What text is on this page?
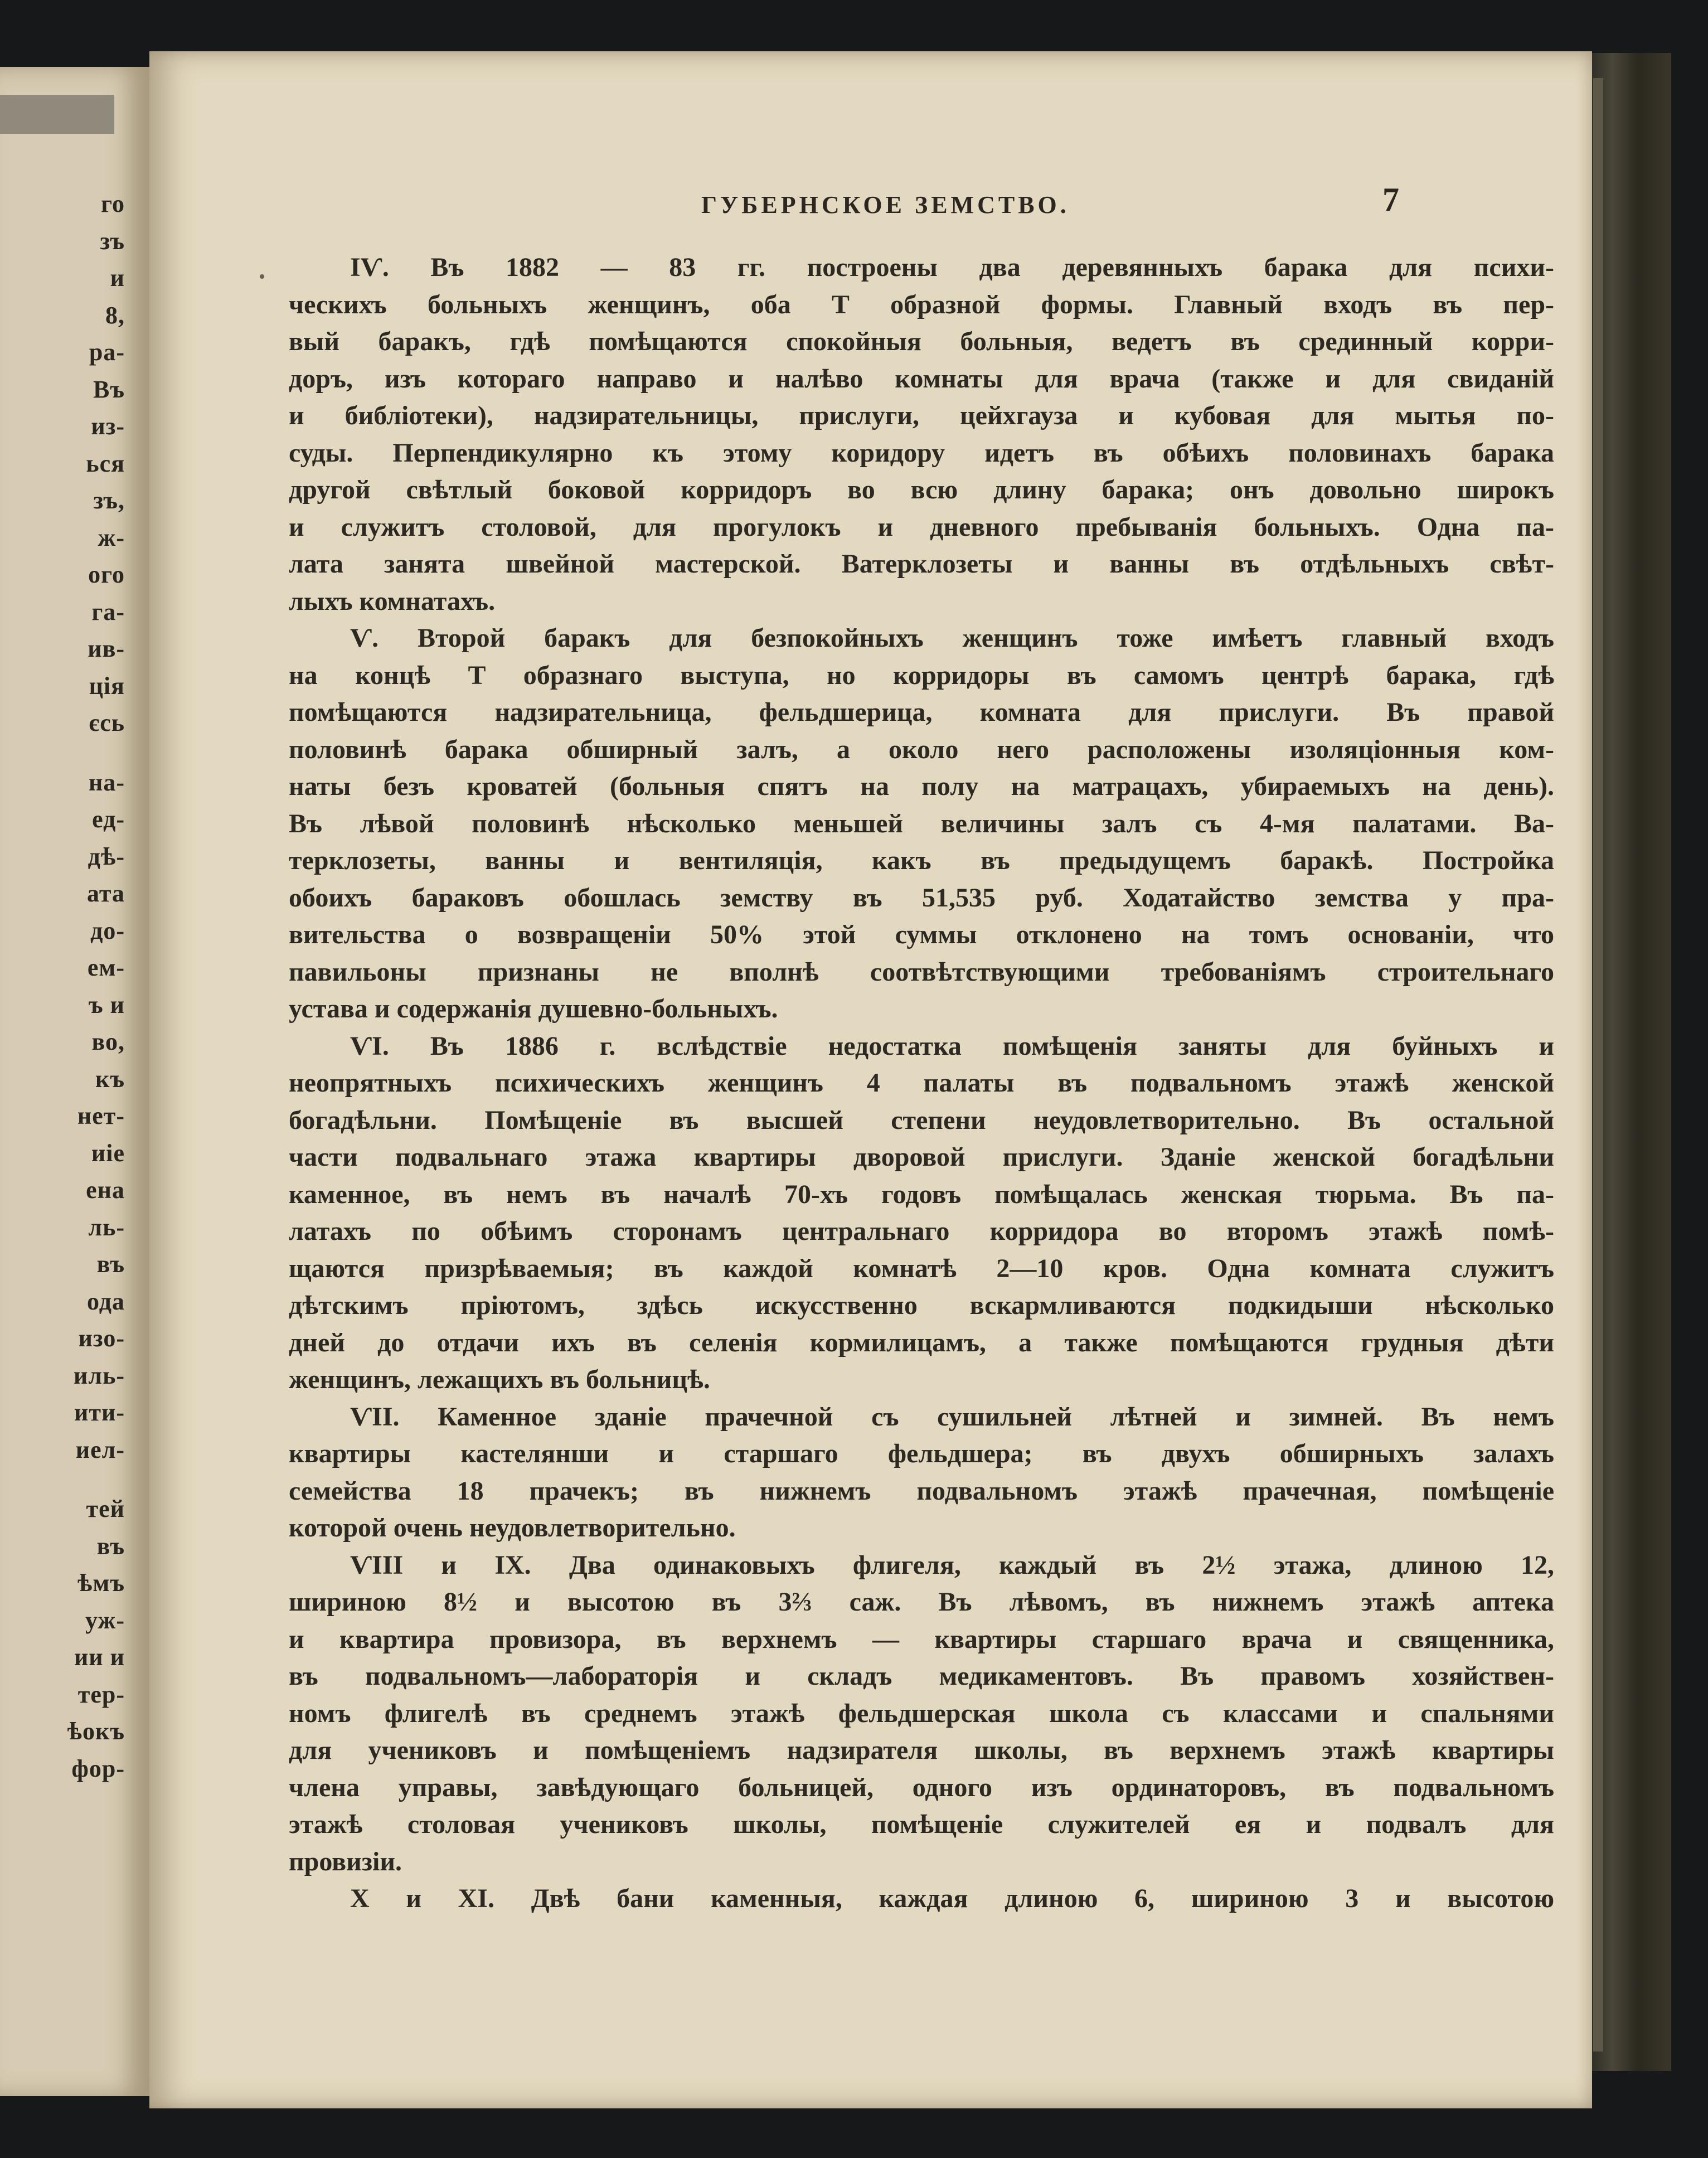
го
зъ
и
8,
ра-
Въ
из-
ься
зъ,
ж-
ого
га-
ив-
ція
єсь
на-
ед-
дѣ-
ата
до-
ем-
ъ и
во,
къ
нет-
иіе
ена
ль-
въ
ода
изо-
иль-
ити-
иел-
тей
въ
ѣмъ
уж-
ии и
тер-
ѣокъ
фор-
ГУБЕРНСКОЕ ЗЕМСТВО.	7
IѴ. Въ 1882 — 83 гг. построены два деревянныхъ барака для психи-
ческихъ больныхъ женщинъ, оба Т образной формы. Главный входъ въ пер-
вый баракъ, гдѣ помѣщаются спокойныя больныя, ведетъ въ срединный корри-
доръ, изъ котораго направо и налѣво комнаты для врача (также и для свиданій
и библіотеки), надзирательницы, прислуги, цейхгауза и кубовая для мытья по-
суды. Перпендикулярно къ этому коридору идетъ въ обѣихъ половинахъ барака
другой свѣтлый боковой корридоръ во всю длину барака; онъ довольно широкъ
и служитъ столовой, для прогулокъ и дневного пребыванія больныхъ. Одна па-
лата занята швейной мастерской. Ватерклозеты и ванны въ отдѣльныхъ свѣт-
лыхъ комнатахъ.
Ѵ. Второй баракъ для безпокойныхъ женщинъ тоже имѣетъ главный входъ
на концѣ Т образнаго выступа, но корридоры въ самомъ центрѣ барака, гдѣ
помѣщаются надзирательница, фельдшерица, комната для прислуги. Въ правой
половинѣ барака обширный залъ, а около него расположены изоляціонныя ком-
наты безъ кроватей (больныя спятъ на полу на матрацахъ, убираемыхъ на день).
Въ лѣвой половинѣ нѣсколько меньшей величины залъ съ 4-мя палатами. Ва-
терклозеты, ванны и вентиляція, какъ въ предыдущемъ баракѣ. Постройка
обоихъ бараковъ обошлась земству въ 51,535 руб. Ходатайство земства у пра-
вительства о возвращеніи 50% этой суммы отклонено на томъ основаніи, что
павильоны признаны не вполнѣ соотвѣтствующими требованіямъ строительнаго
устава и содержанія душевно-больныхъ.
ѴI. Въ 1886 г. вслѣдствіе недостатка помѣщенія заняты для буйныхъ и
неопрятныхъ психическихъ женщинъ 4 палаты въ подвальномъ этажѣ женской
богадѣльни. Помѣщеніе въ высшей степени неудовлетворительно. Въ остальной
части подвальнаго этажа квартиры дворовой прислуги. Зданіе женской богадѣльни
каменное, въ немъ въ началѣ 70-хъ годовъ помѣщалась женская тюрьма. Въ па-
латахъ по обѣимъ сторонамъ центральнаго корридора во второмъ этажѣ помѣ-
щаются призрѣваемыя; въ каждой комнатѣ 2—10 кров. Одна комната служитъ
дѣтскимъ пріютомъ, здѣсь искусственно вскармливаются подкидыши нѣсколько
дней до отдачи ихъ въ селенія кормилицамъ, а также помѣщаются грудныя дѣти
женщинъ, лежащихъ въ больницѣ.
ѴII. Каменное зданіе прачечной съ сушильней лѣтней и зимней. Въ немъ
квартиры кастелянши и старшаго фельдшера; въ двухъ обширныхъ залахъ
семейства 18 прачекъ; въ нижнемъ подвальномъ этажѣ прачечная, помѣщеніе
которой очень неудовлетворительно.
ѴIII и IX. Два одинаковыхъ флигеля, каждый въ 2½ этажа, длиною 12,
шириною 8½ и высотою въ 3⅔ саж. Въ лѣвомъ, въ нижнемъ этажѣ аптека
и квартира провизора, въ верхнемъ — квартиры старшаго врача и священника,
въ подвальномъ—лабораторія и складъ медикаментовъ. Въ правомъ хозяйствен-
номъ флигелѣ въ среднемъ этажѣ фельдшерская школа съ классами и спальнями
для учениковъ и помѣщеніемъ надзирателя школы, въ верхнемъ этажѣ квартиры
члена управы, завѣдующаго больницей, одного изъ ординаторовъ, въ подвальномъ
этажѣ столовая учениковъ школы, помѣщеніе служителей ея и подвалъ для
провизіи.
X и XI. Двѣ бани каменныя, каждая длиною 6, шириною 3 и высотою
